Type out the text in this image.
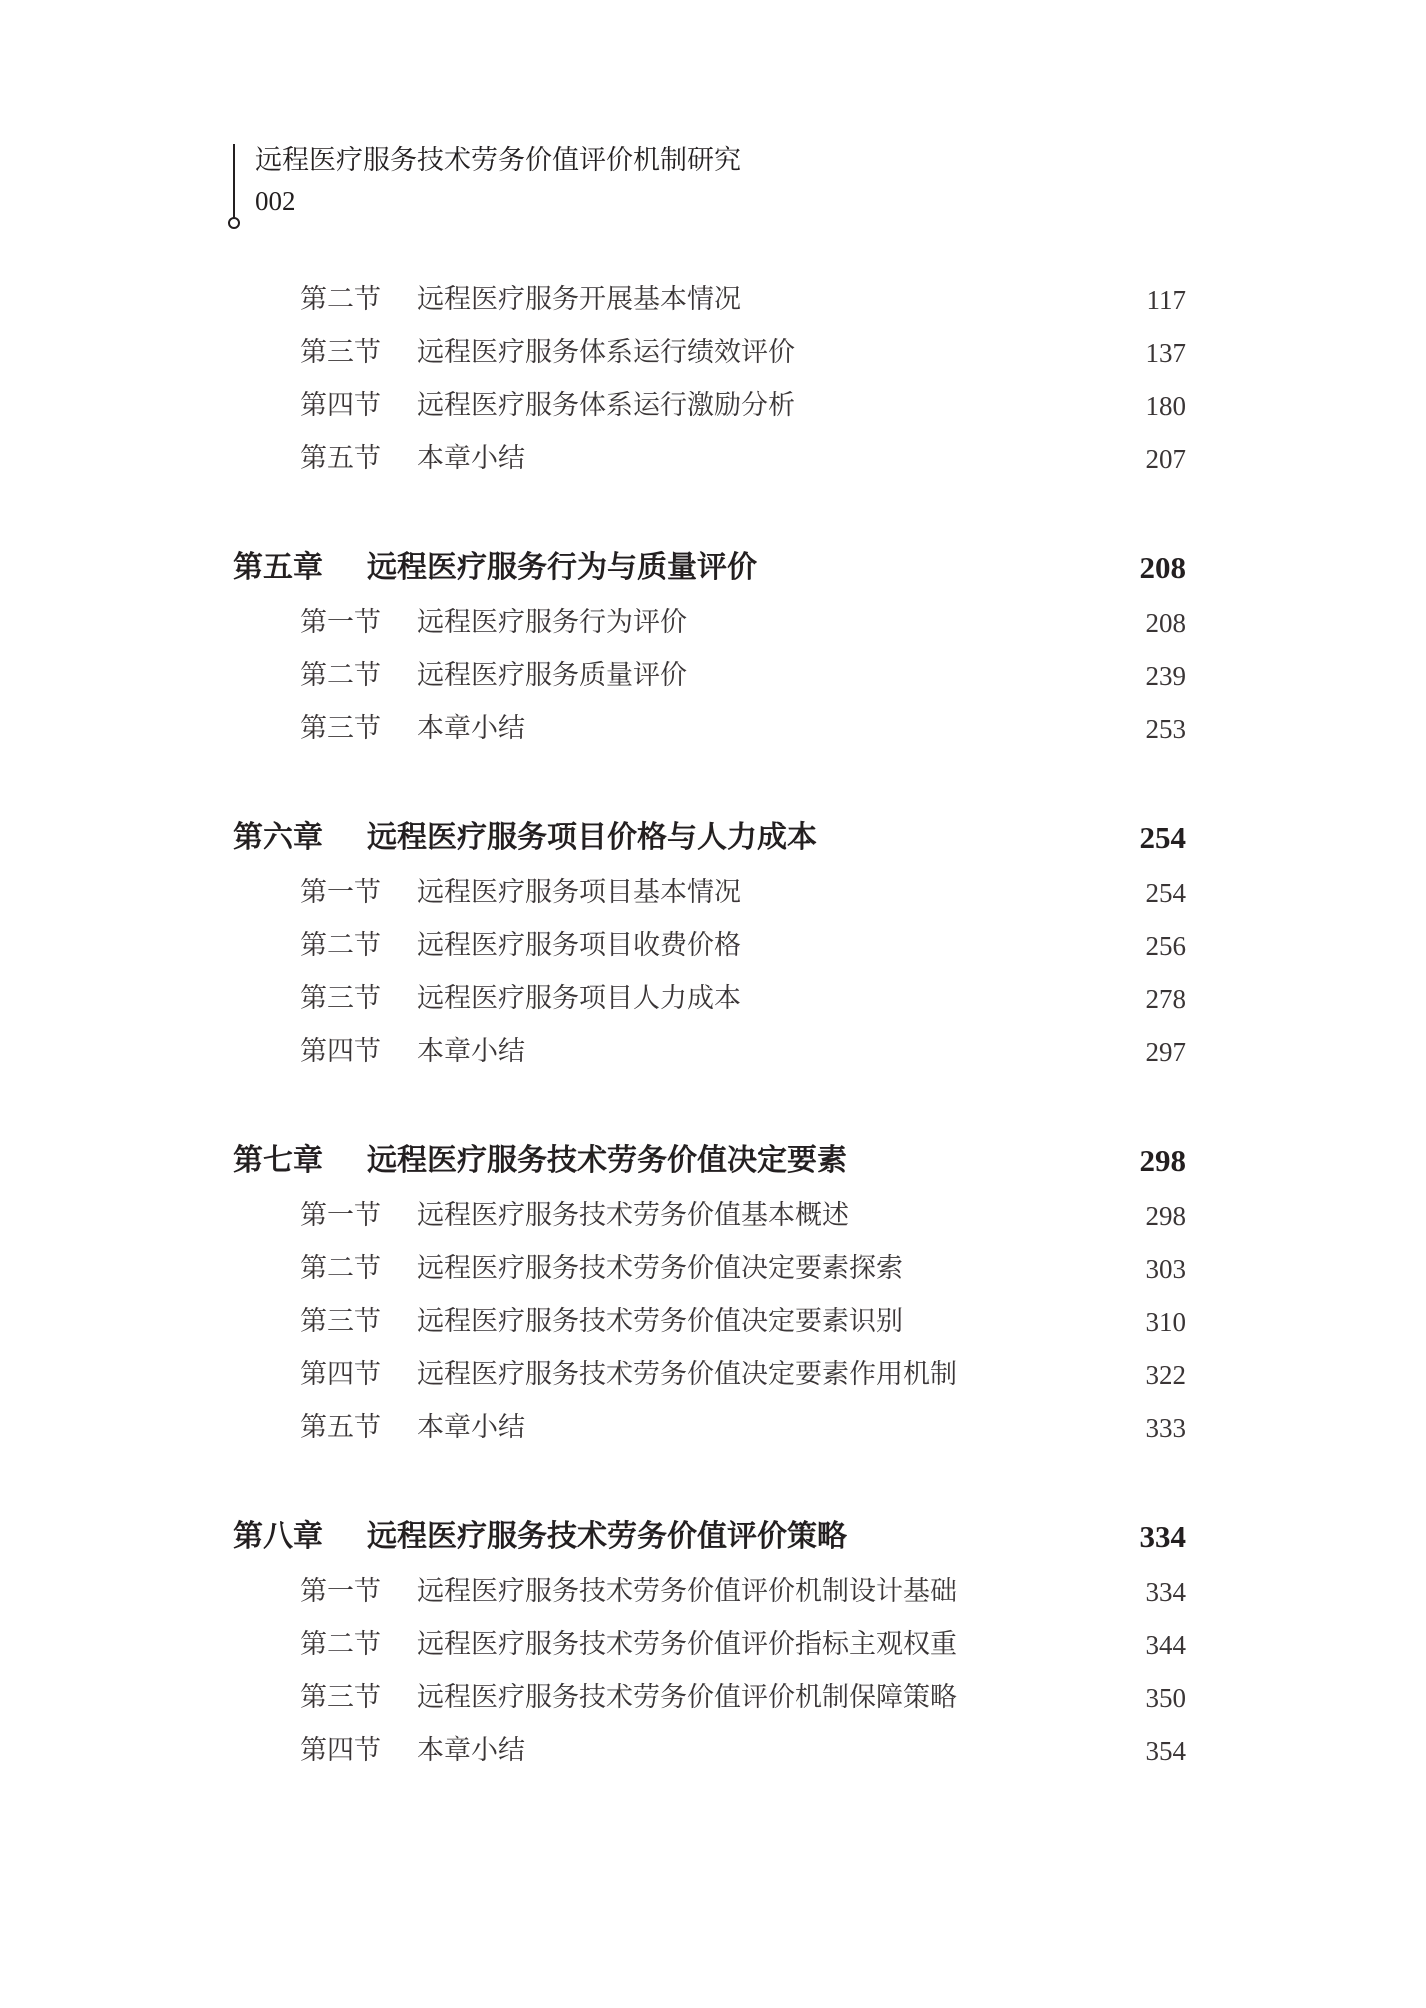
远程医疗服务技术劳务价值评价机制研究
002
第二节 远程医疗服务开展基本情况	117
第三节 远程医疗服务体系运行绩效评价	137
第四节 远程医疗服务体系运行激励分析	180
第五节 本章小结	207
第五章 远程医疗服务行为与质量评价	208
第一节 远程医疗服务行为评价	208
第二节 远程医疗服务质量评价	239
第三节 本章小结	253
第六章 远程医疗服务项目价格与人力成本	254
第一节 远程医疗服务项目基本情况	254
第二节 远程医疗服务项目收费价格	256
第三节 远程医疗服务项目人力成本	278
第四节 本章小结	297
第七章 远程医疗服务技术劳务价值决定要素	298
第一节 远程医疗服务技术劳务价值基本概述	298
第二节 远程医疗服务技术劳务价值决定要素探索	303
第三节 远程医疗服务技术劳务价值决定要素识别	310
第四节 远程医疗服务技术劳务价值决定要素作用机制	322
第五节 本章小结	333
第八章 远程医疗服务技术劳务价值评价策略	334
第一节 远程医疗服务技术劳务价值评价机制设计基础	334
第二节 远程医疗服务技术劳务价值评价指标主观权重	344
第三节 远程医疗服务技术劳务价值评价机制保障策略	350
第四节 本章小结	354
